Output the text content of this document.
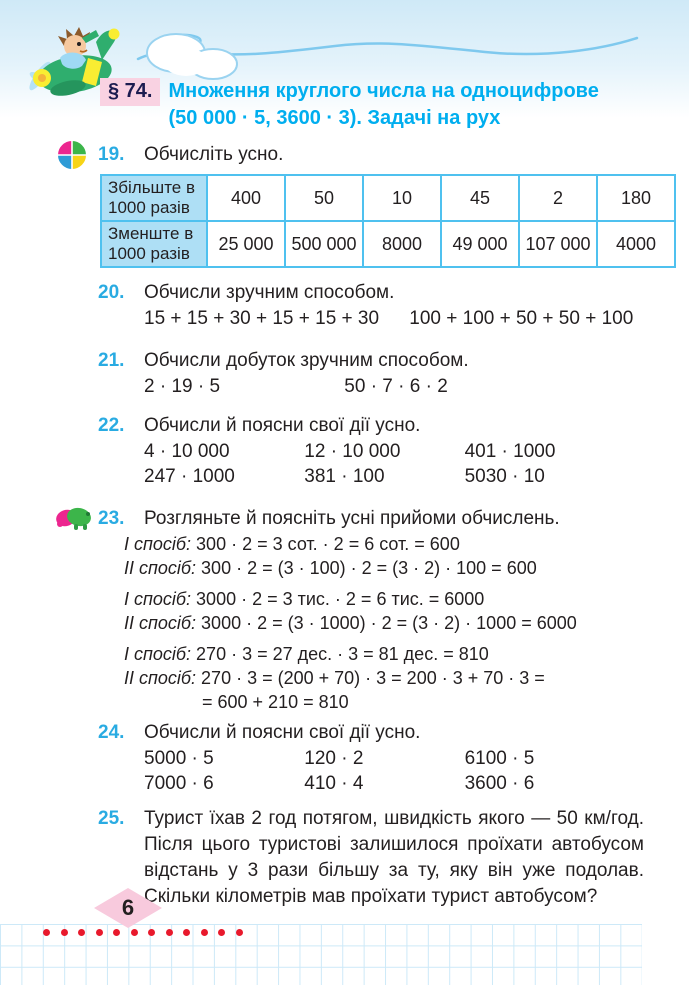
§ 74. Множення круглого числа на одноцифрове
(50 000 · 5, 3600 · 3). Задачі на рух
19.	Обчисліть усно.
Збільште в 1000 разів	400	50	10	45	2	180
Зменште в 1000 разів	25 000	500 000	8000	49 000	107 000	4000
20.	Обчисли зручним способом.
15 + 15 + 30 + 15 + 15 + 30 100 + 100 + 50 + 50 + 100
21.	Обчисли добуток зручним способом.
2 · 19 · 5	50 · 7 · 6 · 2
22.	Обчисли й поясни свої дії усно.
4 · 10 000	12 · 10 000	401 · 1000
247 · 1000	381 · 100	5030 · 10
23.	Розгляньте й поясніть усні прийоми обчислень.
І спосіб: 300 · 2 = 3 сот. · 2 = 6 сот. = 600
ІІ спосіб: 300 · 2 = (3 · 100) · 2 = (3 · 2) · 100 = 600
І спосіб: 3000 · 2 = 3 тис. · 2 = 6 тис. = 6000
ІІ спосіб: 3000 · 2 = (3 · 1000) · 2 = (3 · 2) · 1000 = 6000
І спосіб: 270 · 3 = 27 дес. · 3 = 81 дес. = 810
ІІ спосіб: 270 · 3 = (200 + 70) · 3 = 200 · 3 + 70 · 3 =
= 600 + 210 = 810
24.	Обчисли й поясни свої дії усно.
5000 · 5	120 · 2	6100 · 5
7000 · 6	410 · 4	3600 · 6
25.	Турист їхав 2 год потягом, швидкість якого — 50 км/год. Після цього туристові залишилося проїхати автобусом відстань у 3 рази більшу за ту, яку він уже подолав. Скільки кілометрів мав проїхати турист автобусом?
6
